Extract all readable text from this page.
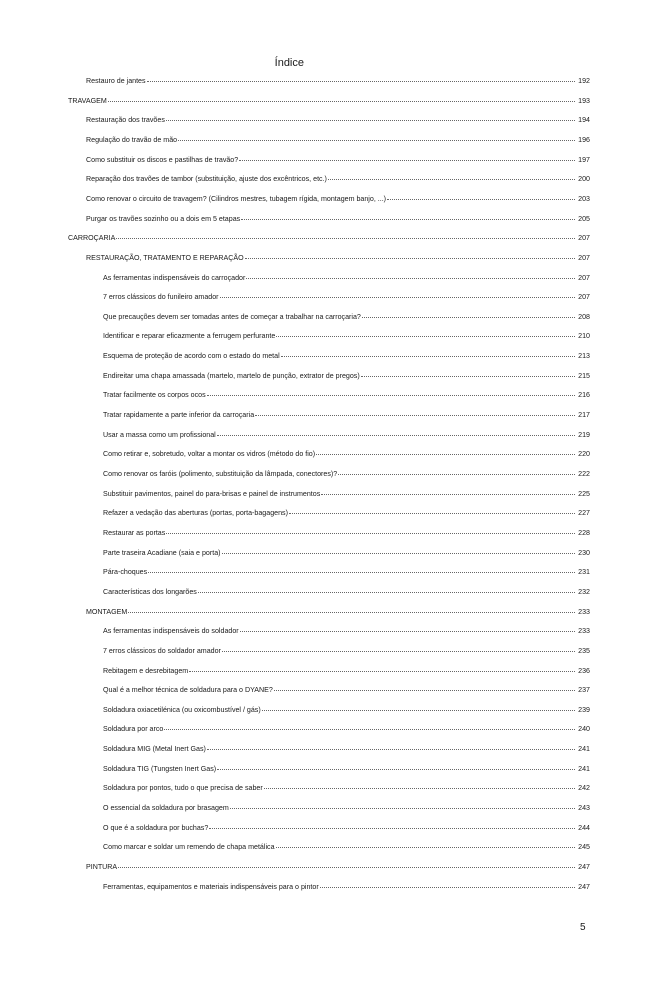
Índice
Restauro de jantes	192
TRAVAGEM	193
Restauração dos travões	194
Regulação do travão de mão	196
Como substituir os discos e pastilhas de travão?	197
Reparação dos travões de tambor (substituição, ajuste dos excêntricos, etc.)	200
Como renovar o circuito de travagem? (Cilindros mestres, tubagem rígida, montagem banjo, ...)	203
Purgar os travões sozinho ou a dois em 5 etapas	205
CARROÇARIA	207
RESTAURAÇÃO, TRATAMENTO E REPARAÇÃO	207
As ferramentas indispensáveis do carroçador	207
7 erros clássicos do funileiro amador	207
Que precauções devem ser tomadas antes de começar a trabalhar na carroçaria?	208
Identificar e reparar eficazmente a ferrugem perfurante	210
Esquema de proteção de acordo com o estado do metal	213
Endireitar uma chapa amassada (martelo, martelo de punção, extrator de pregos)	215
Tratar facilmente os corpos ocos	216
Tratar rapidamente a parte inferior da carroçaria	217
Usar a massa como um profissional	219
Como retirar e, sobretudo, voltar a montar os vidros (método do fio)	220
Como renovar os faróis (polimento, substituição da lâmpada, conectores)?	222
Substituir pavimentos, painel do para-brisas e painel de instrumentos	225
Refazer a vedação das aberturas (portas, porta-bagagens)	227
Restaurar as portas	228
Parte traseira Acadiane (saia e porta)	230
Pára-choques	231
Características dos longarões	232
MONTAGEM	233
As ferramentas indispensáveis do soldador	233
7 erros clássicos do soldador amador	235
Rebitagem e desrebitagem	236
Qual é a melhor técnica de soldadura para o DYANE?	237
Soldadura oxiacetilénica (ou oxicombustível / gás)	239
Soldadura por arco	240
Soldadura MIG (Metal Inert Gas)	241
Soldadura TIG (Tungsten Inert Gas)	241
Soldadura por pontos, tudo o que precisa de saber	242
O essencial da soldadura por brasagem	243
O que é a soldadura por buchas?	244
Como marcar e soldar um remendo de chapa metálica	245
PINTURA	247
Ferramentas, equipamentos e materiais indispensáveis para o pintor	247
5
